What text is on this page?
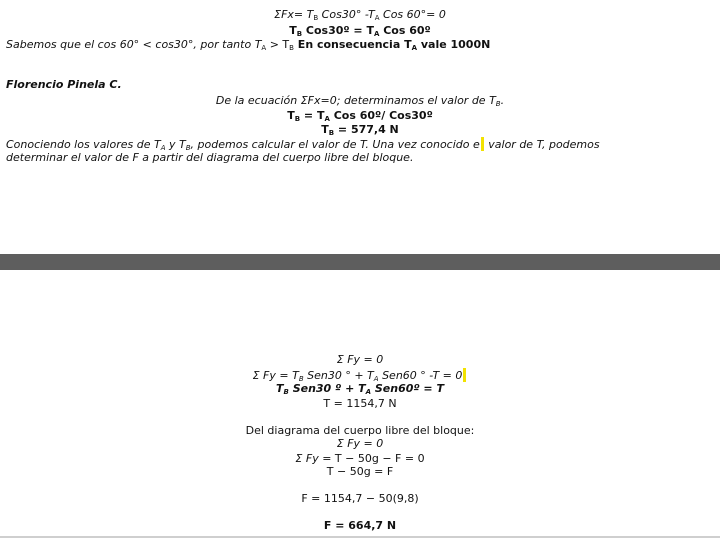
$\Sigma Fx= T_B$ Cos30° $-T_A$ Cos 60°= 0
$T_B$ Cos30º = $T_A$ Cos 60º
Sabemos que el cos 60° < cos30°, por tanto $T_A > T_B$ En consecuencia $T_A$ vale 1000N
Florencio Pinela C.
De la ecuación ΣFx=0; determinamos el valor de $T_B$.
$T_B = T_A$ Cos 60º/ Cos30º
$T_B = 577,4$ N
Conociendo los valores de $T_A$ y $T_B$, podemos calcular el valor de T. Una vez conocido e valor de T, podemos
determinar el valor de F a partir del diagrama del cuerpo libre del bloque.
Σ Fy = 0
Σ $Fy = T_B$ Sen30 ° + $T_A$ Sen60 ° -T = 0
$T_B$ Sen30 º + $T_A$ Sen60º = T
T = 1154,7 N
Del diagrama del cuerpo libre del bloque:
Σ Fy = 0
Σ Fy = T − 50g − F = 0
T − 50g = F
F = 1154,7 − 50(9,8)
F = 664,7 N
